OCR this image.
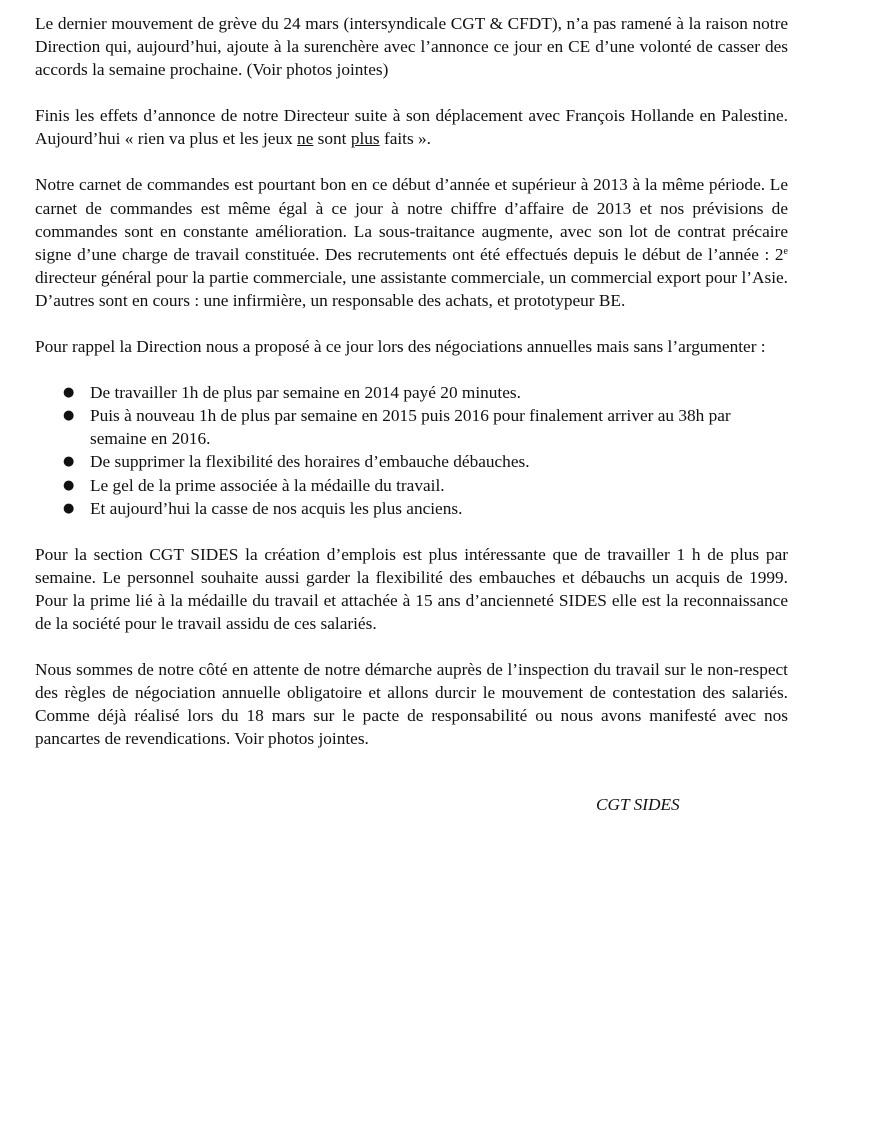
Le dernier mouvement de grève du 24 mars (intersyndicale CGT & CFDT), n’a pas ramené à la raison notre Direction qui, aujourd’hui, ajoute à la surenchère avec l’annonce ce jour en CE d’une volonté de casser des accords la semaine prochaine. (Voir photos jointes)

Finis les effets d’annonce de notre Directeur suite à son déplacement avec François Hollande en Palestine. Aujourd’hui « rien va plus et les jeux ne sont plus faits ».

Notre carnet de commandes est pourtant bon en ce début d’année et supérieur à 2013 à la même période. Le carnet de commandes est même égal à ce jour à notre chiffre d’affaire de 2013 et nos prévisions de commandes sont en constante amélioration. La sous-traitance augmente, avec son lot de contrat précaire signe d’une charge de travail constituée. Des recrutements ont été effectués depuis le début de l’année : 2e directeur général pour la partie commerciale, une assistante commerciale, un commercial export pour l’Asie. D’autres sont en cours : une infirmière, un responsable des achats, et prototypeur BE.

Pour rappel la Direction nous a proposé à ce jour lors des négociations annuelles mais sans l’argumenter :

● De travailler 1h de plus par semaine en 2014 payé 20 minutes.
● Puis à nouveau 1h de plus par semaine en 2015 puis 2016 pour finalement arriver au 38h par semaine en 2016.
● De supprimer la flexibilité des horaires d’embauche débauches.
● Le gel de la prime associée à la médaille du travail.
● Et aujourd’hui la casse de nos acquis les plus anciens.

Pour la section CGT SIDES la création d’emplois est plus intéressante que de travailler 1 h de plus par semaine. Le personnel souhaite aussi garder la flexibilité des embauches et débauchs un acquis de 1999. Pour la prime lié à la médaille du travail et attachée à 15 ans d’ancienneté SIDES elle est la reconnaissance de la société pour le travail assidu de ces salariés.

Nous sommes de notre côté en attente de notre démarche auprès de l’inspection du travail sur le non-respect des règles de négociation annuelle obligatoire et allons durcir le mouvement de contestation des salariés. Comme déjà réalisé lors du 18 mars sur le pacte de responsabilité ou nous avons manifesté avec nos pancartes de revendications. Voir photos jointes.

CGT SIDES
